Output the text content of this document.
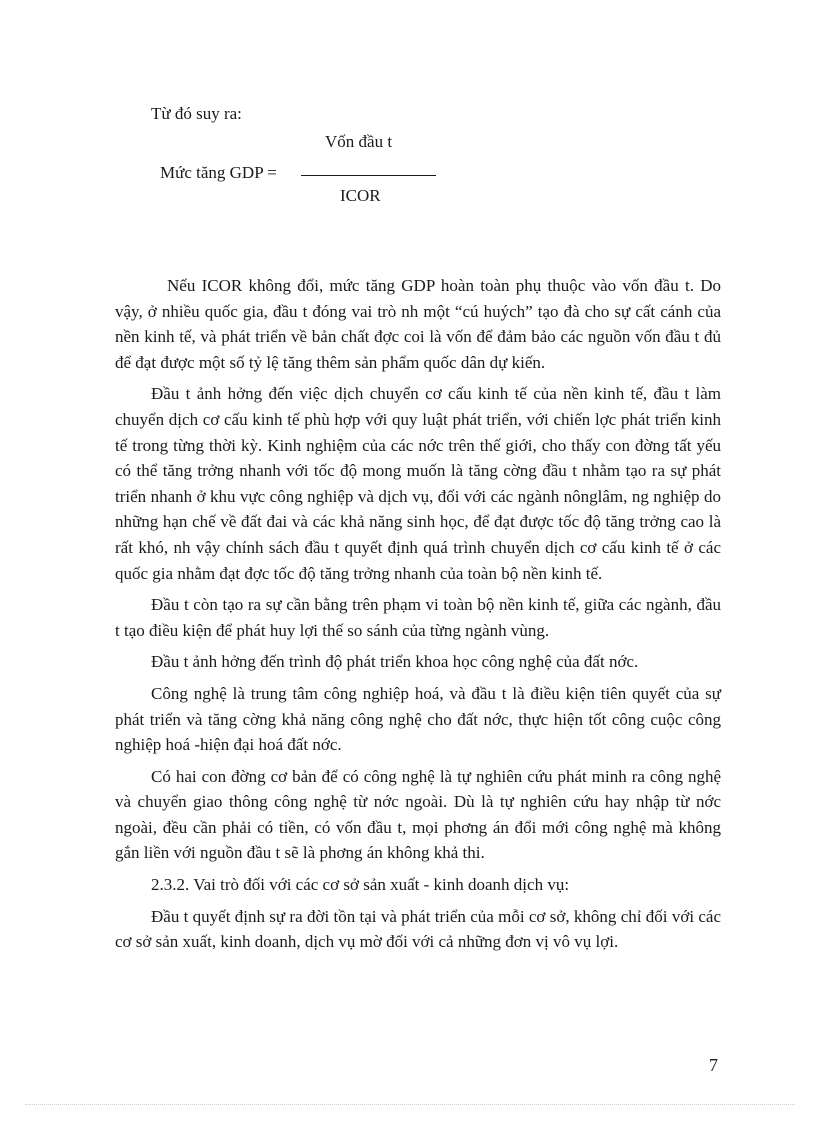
Từ đó suy ra:

Vốn đầu t
Mức tăng GDP =
ICOR

Nếu ICOR không đổi, mức tăng GDP hoàn toàn phụ thuộc vào vốn đầu t. Do vậy, ở nhiều quốc gia, đầu t đóng vai trò nh một “cú huých” tạo đà cho sự cất cánh của nền kinh tế, và phát triển về bản chất đợc coi là vốn để đảm bảo các nguồn vốn đầu t đủ để đạt được một số tỷ lệ tăng thêm sản phẩm quốc dân dự kiến.

Đầu t ảnh hởng đến việc dịch chuyển cơ cấu kinh tế của nền kinh tế, đầu t làm chuyển dịch cơ cấu kinh tế phù hợp với quy luật phát triển, với chiến lợc phát triển kinh tế trong từng thời kỳ. Kinh nghiệm của các nớc trên thế giới, cho thấy con đờng tất yếu có thể tăng trởng nhanh với tốc độ mong muốn là tăng cờng đầu t nhằm tạo ra sự phát triển nhanh ở khu vực công nghiệp và dịch vụ, đối với các ngành nônglâm, ng nghiệp do những hạn chế về đất đai và các khả năng sinh học, để đạt được tốc độ tăng trởng cao là rất khó, nh vậy chính sách đầu t quyết định quá trình chuyển dịch cơ cấu kinh tế ở các quốc gia nhằm đạt đợc tốc độ tăng trởng nhanh của toàn bộ nền kinh tế.

Đầu t còn tạo ra sự cần bằng trên phạm vi toàn bộ nền kinh tế, giữa các ngành, đầu t tạo điều kiện để phát huy lợi thế so sánh của từng ngành vùng.

Đầu t ảnh hởng đến trình độ phát triển khoa học công nghệ của đất nớc.

Công nghệ là trung tâm công nghiệp hoá, và đầu t là điều kiện tiên quyết của sự phát triển và tăng cờng khả năng công nghệ cho đất nớc, thực hiện tốt công cuộc công nghiệp hoá -hiện đại hoá đất nớc.

Có hai con đờng cơ bản để có công nghệ là tự nghiên cứu phát minh ra công nghệ và chuyển giao thông công nghệ từ nớc ngoài. Dù là tự nghiên cứu hay nhập từ nớc ngoài, đều cần phải có tiền, có vốn đầu t, mọi phơng án đổi mới công nghệ mà không gắn liền với nguồn đầu t sẽ là phơng án không khả thi.

2.3.2. Vai trò đối với các cơ sở sản xuất - kinh doanh dịch vụ:

Đầu t quyết định sự ra đời tồn tại và phát triển của mỗi cơ sở, không chỉ đối với các cơ sở sản xuất, kinh doanh, dịch vụ mờ đối với cả những đơn vị vô vụ lợi.

7
